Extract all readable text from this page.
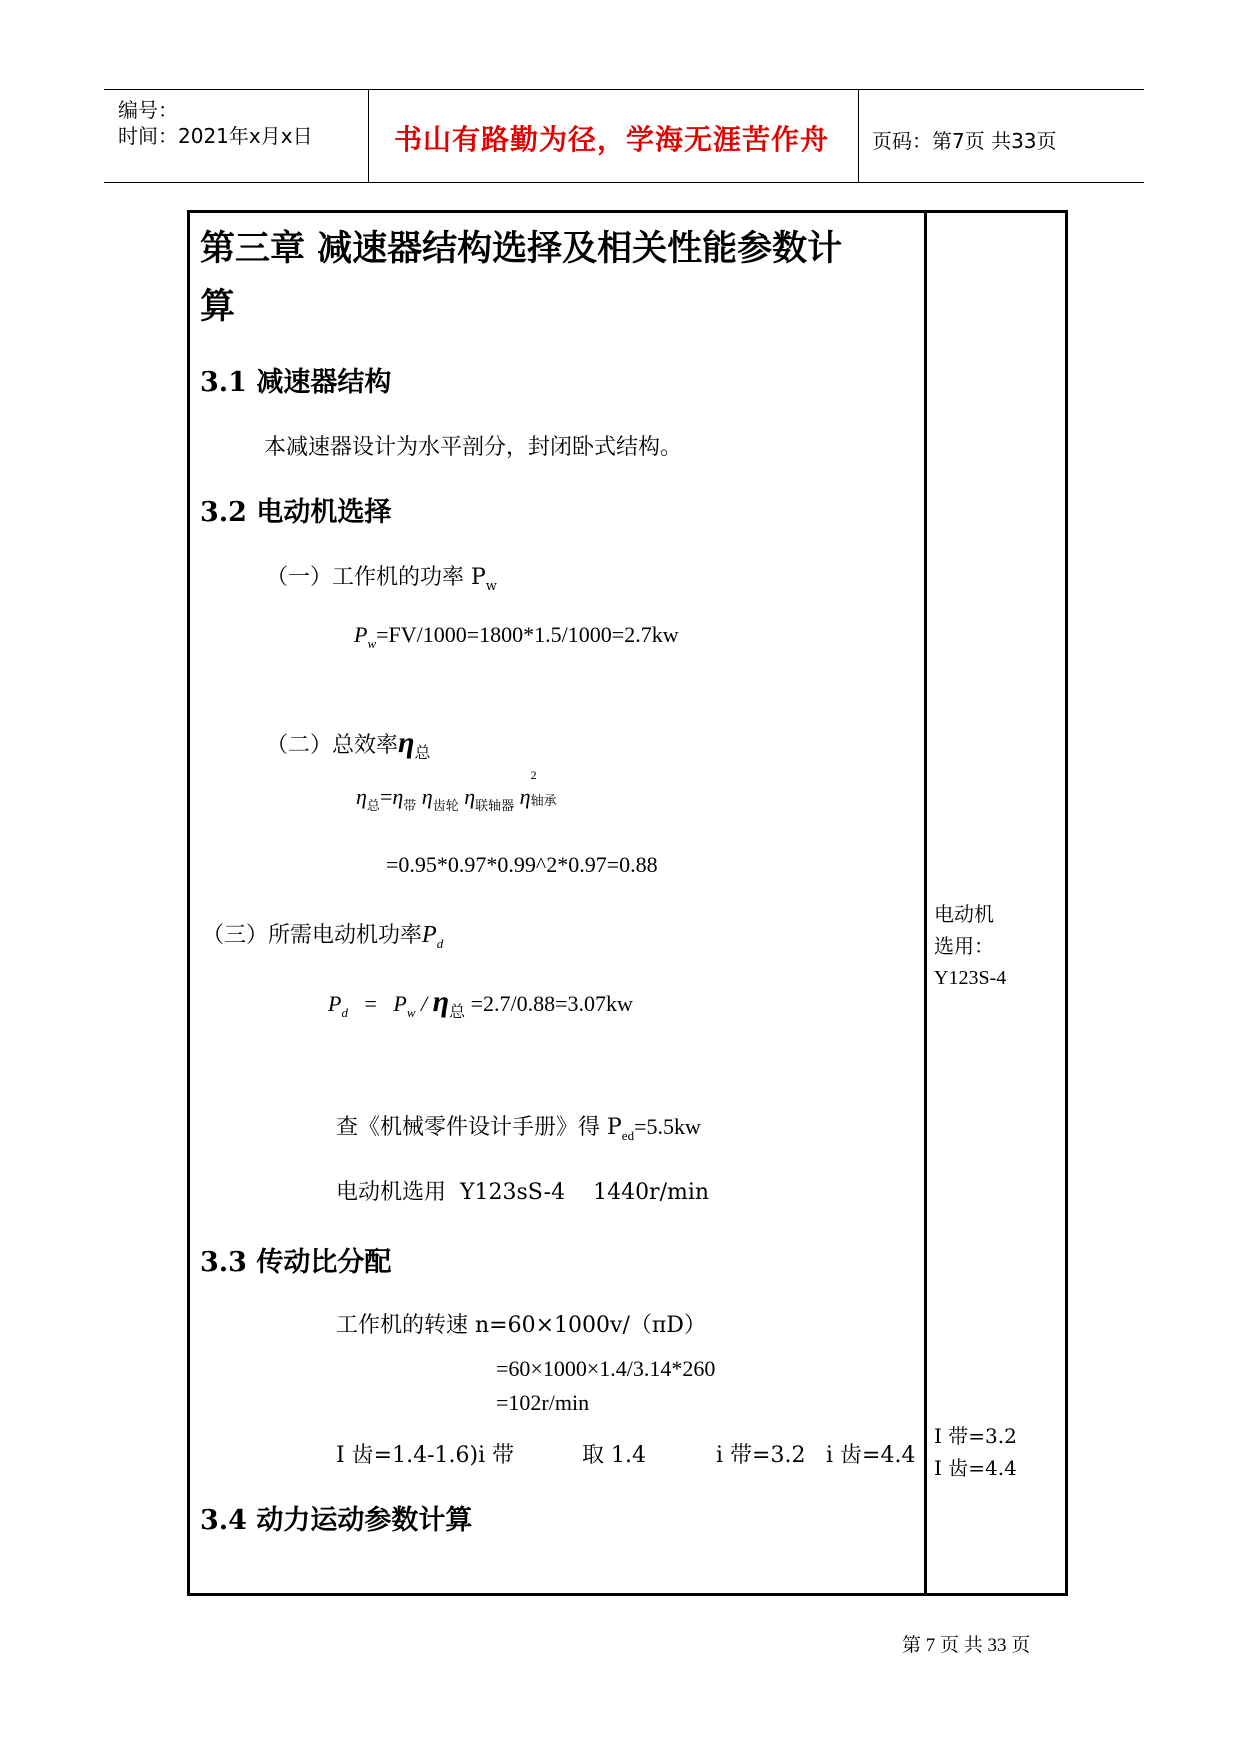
编号：
时间：2021年x月x日	书山有路勤为径，学海无涯苦作舟 页码：第7页 共33页
第三章 减速器结构选择及相关性能参数计
算
3.1 减速器结构
本减速器设计为水平剖分，封闭卧式结构。
3.2 电动机选择
（一）工作机的功率 $P_w$
$P_w=FV/1000=1800*1.5/1000=2.7kw$
（二）总效率$\eta_总$
$\eta_总=\eta_带$ $\eta_{齿轮}$ $\eta_{联轴器}$ η
2
轴承

=0.95*0.97*0.99^2*0.97=0.88
（三）所需电动机功率$P_d$
$P_d = P_w / \eta_总 =2.7/0.88=3.07kw$
查《机械零件设计手册》得 $P_{ed}=5.5kw$
电动机选用  Y123sS-4    1440r/min
3.3 传动比分配
工作机的转速 n=60×1000v/（πD）
=60×1000×1.4/3.14*260
=102r/min
I 齿=1.4-1.6)i 带	取 1.4	i 带=3.2 i 齿=4.4
3.4 动力运动参数计算
电动机
选用：
Y123S-4
I 带=3.2
I 齿=4.4
第 7 页 共 33 页
